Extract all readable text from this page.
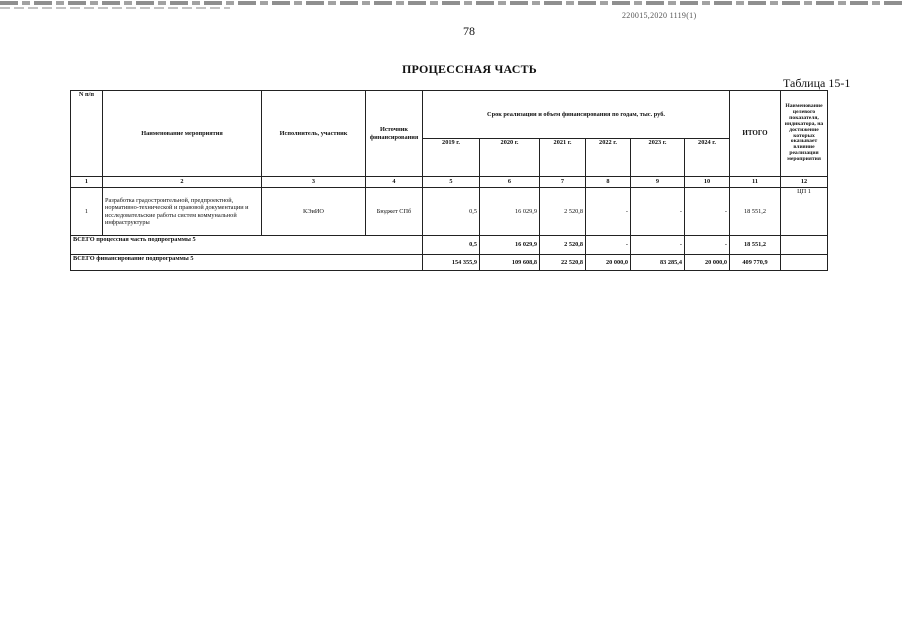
220015,2020 1119(1)
78
ПРОЦЕССНАЯ ЧАСТЬ
Таблица 15-1
N п/п	Наименование мероприятия	Исполнитель, участник	Источник финансирования	Срок реализации и объем финансирования по годам, тыс. руб.						ИТОГО	Наименование целевого показателя, индикатора, на достижение которых оказывает влияние реализация мероприятия
				2019 г.	2020 г.	2021 г.	2022 г.	2023 г.	2024 г.		
1	2	3	4	5	6	7	8	9	10	11	12
1	Разработка градостроительной, предпроектной, нормативно-технической и правовой документации и исследовательские работы систем коммунальной инфраструктуры	КЭиИО	Бюджет СПб	0,5	16 029,9	2 520,8	-	-	-	18 551,2	ЦП 1
ВСЕГО процессная часть подпрограммы 5				0,5	16 029,9	2 520,8	-	-	-	18 551,2	
ВСЕГО финансирование подпрограммы 5				154 355,9	109 608,8	22 520,8	20 000,0	83 285,4	20 000,0	409 770,9	
